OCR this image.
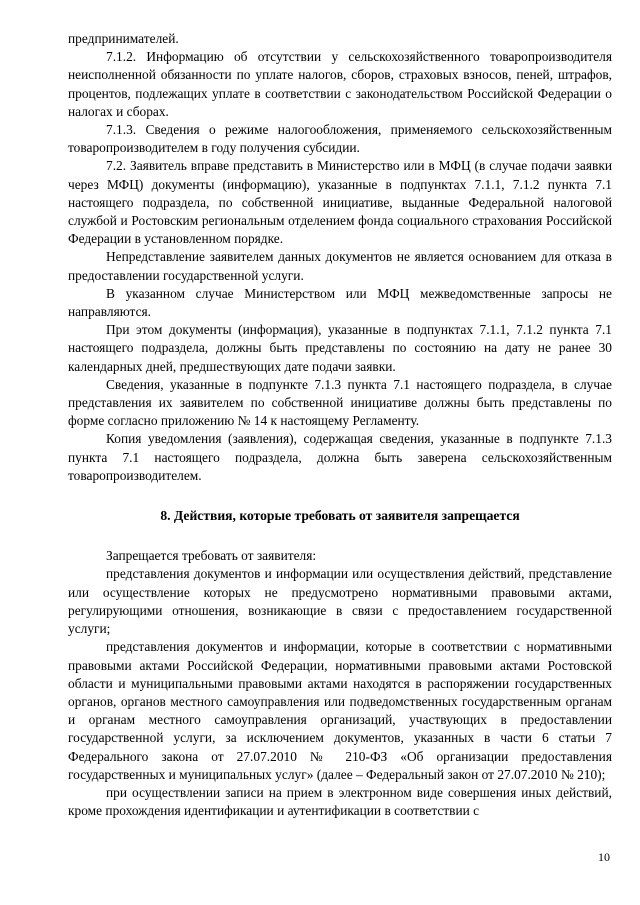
предпринимателей.

7.1.2. Информацию об отсутствии у сельскохозяйственного товаропроизводителя неисполненной обязанности по уплате налогов, сборов, страховых взносов, пеней, штрафов, процентов, подлежащих уплате в соответствии с законодательством Российской Федерации о налогах и сборах.

7.1.3. Сведения о режиме налогообложения, применяемого сельскохозяйственным товаропроизводителем в году получения субсидии.

7.2. Заявитель вправе представить в Министерство или в МФЦ (в случае подачи заявки через МФЦ) документы (информацию), указанные в подпунктах 7.1.1, 7.1.2 пункта 7.1 настоящего подраздела, по собственной инициативе, выданные Федеральной налоговой службой и Ростовским региональным отделением фонда социального страхования Российской Федерации в установленном порядке.

Непредставление заявителем данных документов не является основанием для отказа в предоставлении государственной услуги.

В указанном случае Министерством или МФЦ межведомственные запросы не направляются.

При этом документы (информация), указанные в подпунктах 7.1.1, 7.1.2 пункта 7.1 настоящего подраздела, должны быть представлены по состоянию на дату не ранее 30 календарных дней, предшествующих дате подачи заявки.

Сведения, указанные в подпункте 7.1.3 пункта 7.1 настоящего подраздела, в случае представления их заявителем по собственной инициативе должны быть представлены по форме согласно приложению № 14 к настоящему Регламенту.

Копия уведомления (заявления), содержащая сведения, указанные в подпункте 7.1.3 пункта 7.1 настоящего подраздела, должна быть заверена сельскохозяйственным товаропроизводителем.

8. Действия, которые требовать от заявителя запрещается

Запрещается требовать от заявителя:

представления документов и информации или осуществления действий, представление или осуществление которых не предусмотрено нормативными правовыми актами, регулирующими отношения, возникающие в связи с предоставлением государственной услуги;

представления документов и информации, которые в соответствии с нормативными правовыми актами Российской Федерации, нормативными правовыми актами Ростовской области и муниципальными правовыми актами находятся в распоряжении государственных органов, органов местного самоуправления или подведомственных государственным органам и органам местного самоуправления организаций, участвующих в предоставлении государственной услуги, за исключением документов, указанных в части 6 статьи 7 Федерального закона от 27.07.2010 № 210-ФЗ «Об организации предоставления государственных и муниципальных услуг» (далее – Федеральный закон от 27.07.2010 № 210);

при осуществлении записи на прием в электронном виде совершения иных действий, кроме прохождения идентификации и аутентификации в соответствии с

10
